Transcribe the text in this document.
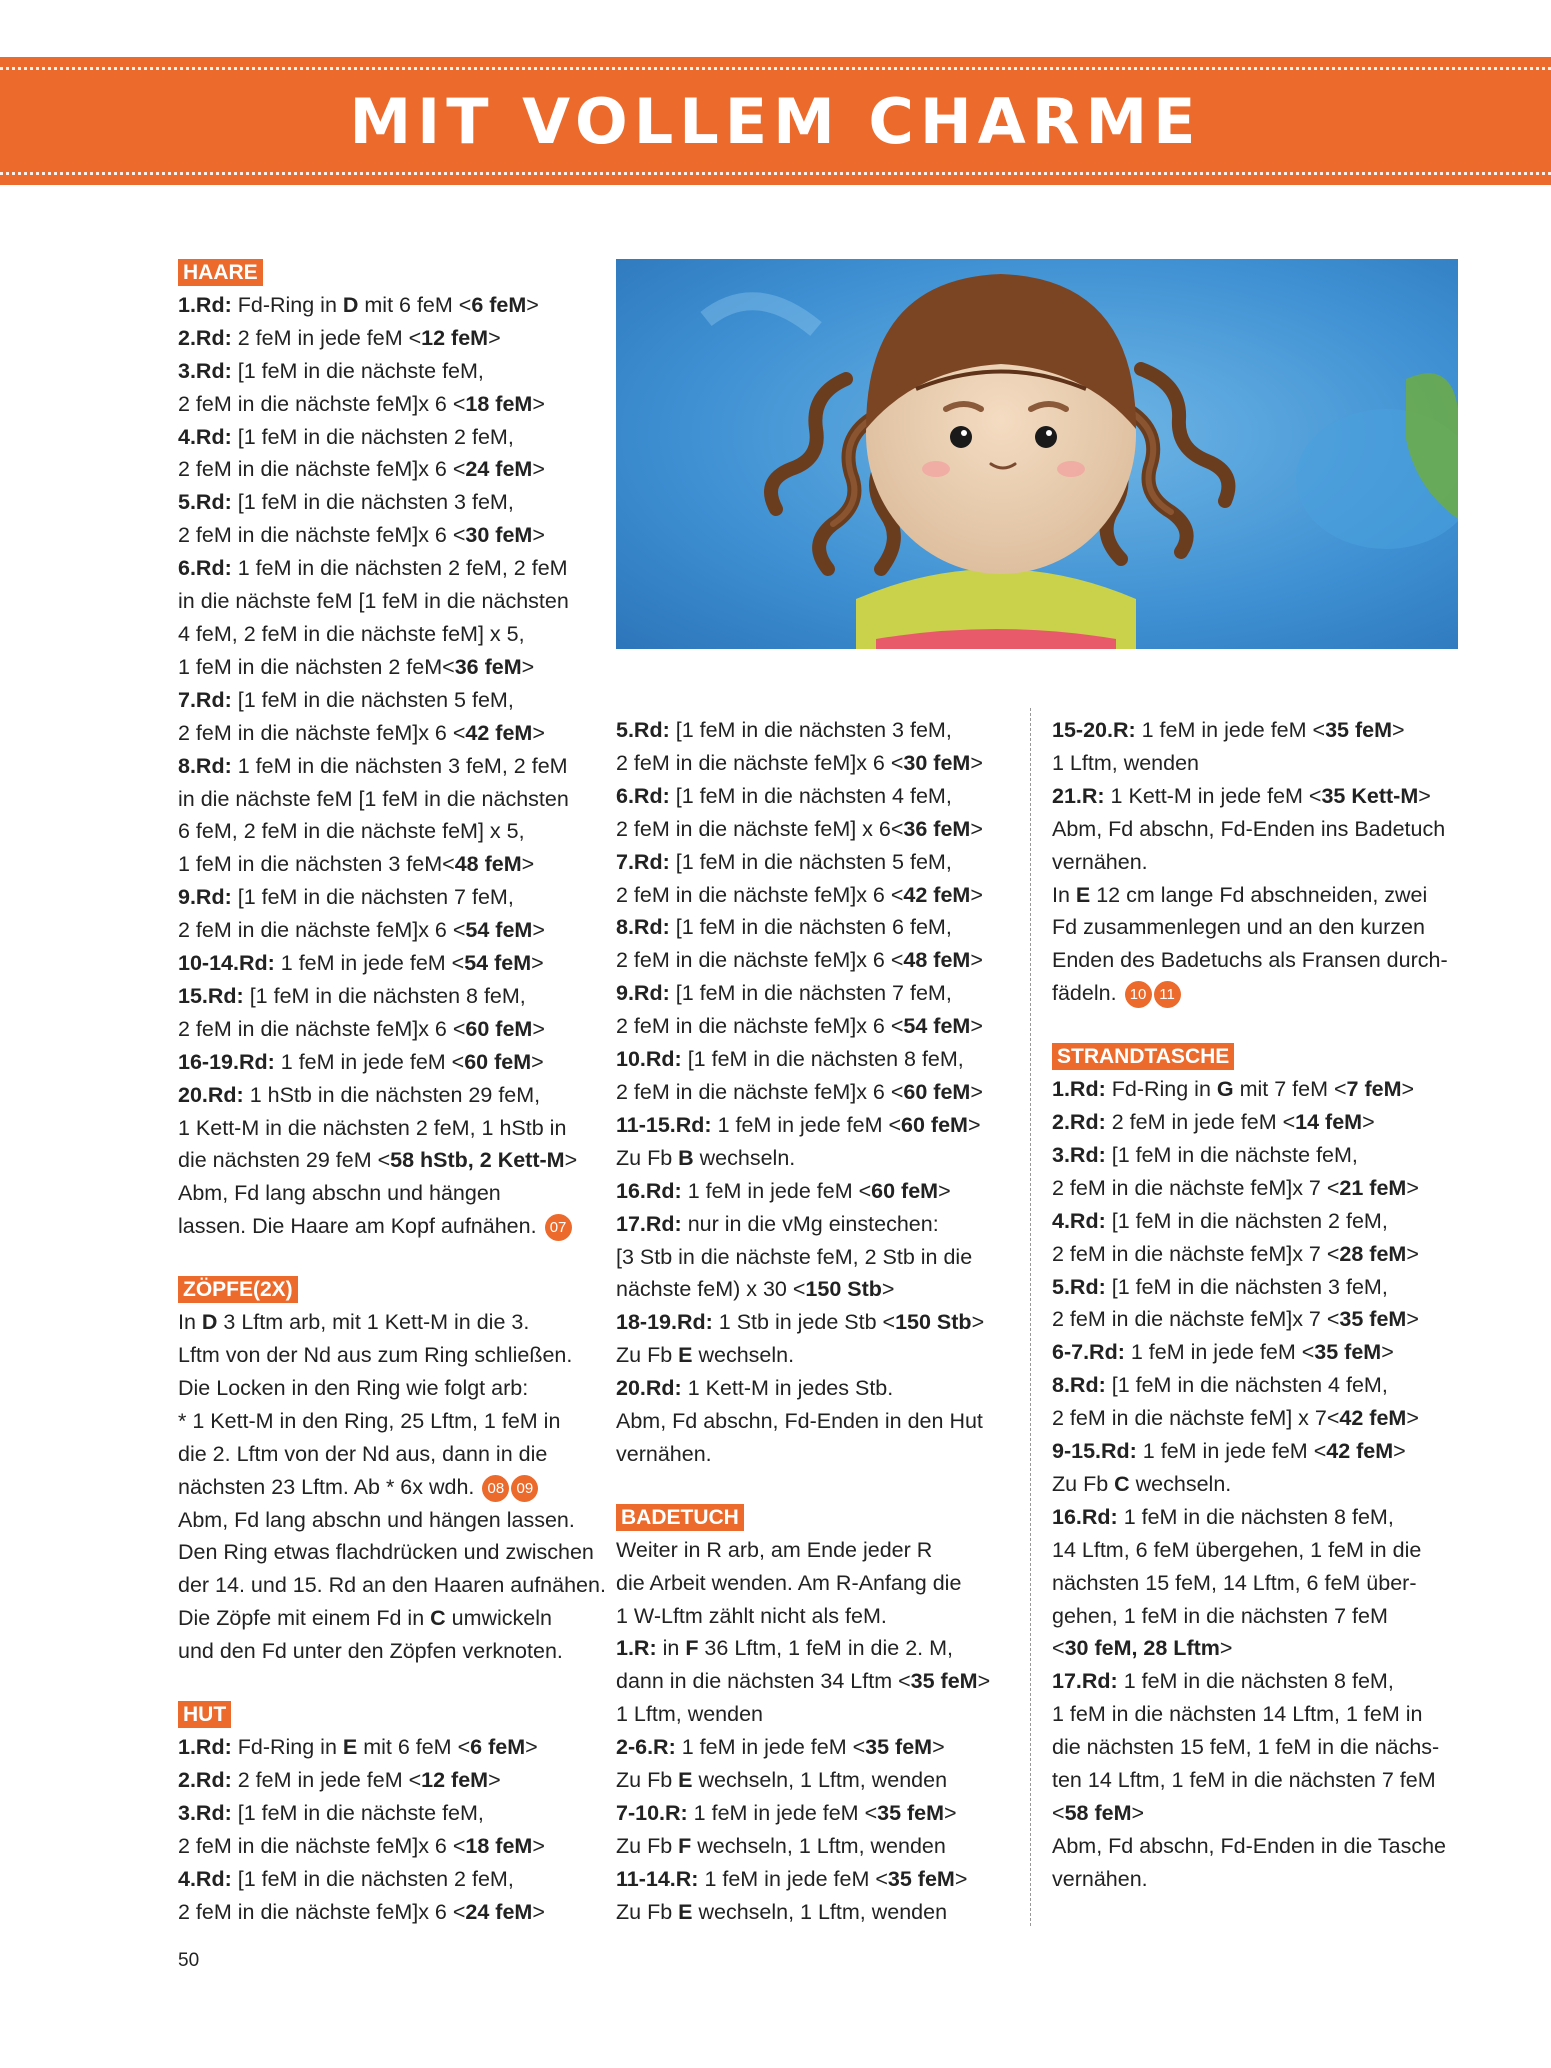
MIT VOLLEM CHARME
HAARE

1.Rd: Fd-Ring in D mit 6 feM <6 feM>

2.Rd: 2 feM in jede feM <12 feM>

3.Rd: [1 feM in die nächste feM,

2 feM in die nächste feM]x 6 <18 feM>

4.Rd: [1 feM in die nächsten 2 feM,

2 feM in die nächste feM]x 6 <24 feM>

5.Rd: [1 feM in die nächsten 3 feM,

2 feM in die nächste feM]x 6 <30 feM>

6.Rd: 1 feM in die nächsten 2 feM, 2 feM

in die nächste feM [1 feM in die nächsten

4 feM, 2 feM in die nächste feM] x 5,

1 feM in die nächsten 2 feM<36 feM>

7.Rd: [1 feM in die nächsten 5 feM,

2 feM in die nächste feM]x 6 <42 feM>

8.Rd: 1 feM in die nächsten 3 feM, 2 feM

in die nächste feM [1 feM in die nächsten

6 feM, 2 feM in die nächste feM] x 5,

1 feM in die nächsten 3 feM<48 feM>

9.Rd: [1 feM in die nächsten 7 feM,

2 feM in die nächste feM]x 6 <54 feM>

10-14.Rd: 1 feM in jede feM <54 feM>

15.Rd: [1 feM in die nächsten 8 feM,

2 feM in die nächste feM]x 6 <60 feM>

16-19.Rd: 1 feM in jede feM <60 feM>

20.Rd: 1 hStb in die nächsten 29 feM,

1 Kett-M in die nächsten 2 feM, 1 hStb in

die nächsten 29 feM <58 hStb, 2 Kett-M>

Abm, Fd lang abschn und hängen

lassen. Die Haare am Kopf aufnähen. 07

ZÖPFE(2X)

In D 3 Lftm arb, mit 1 Kett-M in die 3.

Lftm von der Nd aus zum Ring schließen.

Die Locken in den Ring wie folgt arb:

* 1 Kett-M in den Ring, 25 Lftm, 1 feM in

die 2. Lftm von der Nd aus, dann in die

nächsten 23 Lftm. Ab * 6x wdh. 08 09

Abm, Fd lang abschn und hängen lassen.

Den Ring etwas flachdrücken und zwischen

der 14. und 15. Rd an den Haaren aufnähen.

Die Zöpfe mit einem Fd in C umwickeln

und den Fd unter den Zöpfen verknoten.

HUT

1.Rd: Fd-Ring in E mit 6 feM <6 feM>

2.Rd: 2 feM in jede feM <12 feM>

3.Rd: [1 feM in die nächste feM,

2 feM in die nächste feM]x 6 <18 feM>

4.Rd: [1 feM in die nächsten 2 feM,

2 feM in die nächste feM]x 6 <24 feM>

5.Rd: [1 feM in die nächsten 3 feM,

2 feM in die nächste feM]x 6 <30 feM>

6.Rd: [1 feM in die nächsten 4 feM,

2 feM in die nächste feM] x 6<36 feM>

7.Rd: [1 feM in die nächsten 5 feM,

2 feM in die nächste feM]x 6 <42 feM>

8.Rd: [1 feM in die nächsten 6 feM,

2 feM in die nächste feM]x 6 <48 feM>

9.Rd: [1 feM in die nächsten 7 feM,

2 feM in die nächste feM]x 6 <54 feM>

10.Rd: [1 feM in die nächsten 8 feM,

2 feM in die nächste feM]x 6 <60 feM>

11-15.Rd: 1 feM in jede feM <60 feM>

Zu Fb B wechseln.

16.Rd: 1 feM in jede feM <60 feM>

17.Rd: nur in die vMg einstechen:

[3 Stb in die nächste feM, 2 Stb in die

nächste feM) x 30 <150 Stb>

18-19.Rd: 1 Stb in jede Stb <150 Stb>

Zu Fb E wechseln.

20.Rd: 1 Kett-M in jedes Stb.

Abm, Fd abschn, Fd-Enden in den Hut

vernähen.

BADETUCH

Weiter in R arb, am Ende jeder R

die Arbeit wenden. Am R-Anfang die

1 W-Lftm zählt nicht als feM.

1.R: in F 36 Lftm, 1 feM in die 2. M,

dann in die nächsten 34 Lftm <35 feM>

1 Lftm, wenden

2-6.R: 1 feM in jede feM <35 feM>

Zu Fb E wechseln, 1 Lftm, wenden

7-10.R: 1 feM in jede feM <35 feM>

Zu Fb F wechseln, 1 Lftm, wenden

11-14.R: 1 feM in jede feM <35 feM>

Zu Fb E wechseln, 1 Lftm, wenden

15-20.R: 1 feM in jede feM <35 feM>

1 Lftm, wenden

21.R: 1 Kett-M in jede feM <35 Kett-M>

Abm, Fd abschn, Fd-Enden ins Badetuch

vernähen.

In E 12 cm lange Fd abschneiden, zwei

Fd zusammenlegen und an den kurzen

Enden des Badetuchs als Fransen durch-

fädeln. 10 11

STRANDTASCHE

1.Rd: Fd-Ring in G mit 7 feM <7 feM>

2.Rd: 2 feM in jede feM <14 feM>

3.Rd: [1 feM in die nächste feM,

2 feM in die nächste feM]x 7 <21 feM>

4.Rd: [1 feM in die nächsten 2 feM,

2 feM in die nächste feM]x 7 <28 feM>

5.Rd: [1 feM in die nächsten 3 feM,

2 feM in die nächste feM]x 7 <35 feM>

6-7.Rd: 1 feM in jede feM <35 feM>

8.Rd: [1 feM in die nächsten 4 feM,

2 feM in die nächste feM] x 7<42 feM>

9-15.Rd: 1 feM in jede feM <42 feM>

Zu Fb C wechseln.

16.Rd: 1 feM in die nächsten 8 feM,

14 Lftm, 6 feM übergehen, 1 feM in die

nächsten 15 feM, 14 Lftm, 6 feM über-

gehen, 1 feM in die nächsten 7 feM

<30 feM, 28 Lftm>

17.Rd: 1 feM in die nächsten 8 feM,

1 feM in die nächsten 14 Lftm, 1 feM in

die nächsten 15 feM, 1 feM in die nächs-

ten 14 Lftm, 1 feM in die nächsten 7 feM

<58 feM>

Abm, Fd abschn, Fd-Enden in die Tasche

vernähen.

50
